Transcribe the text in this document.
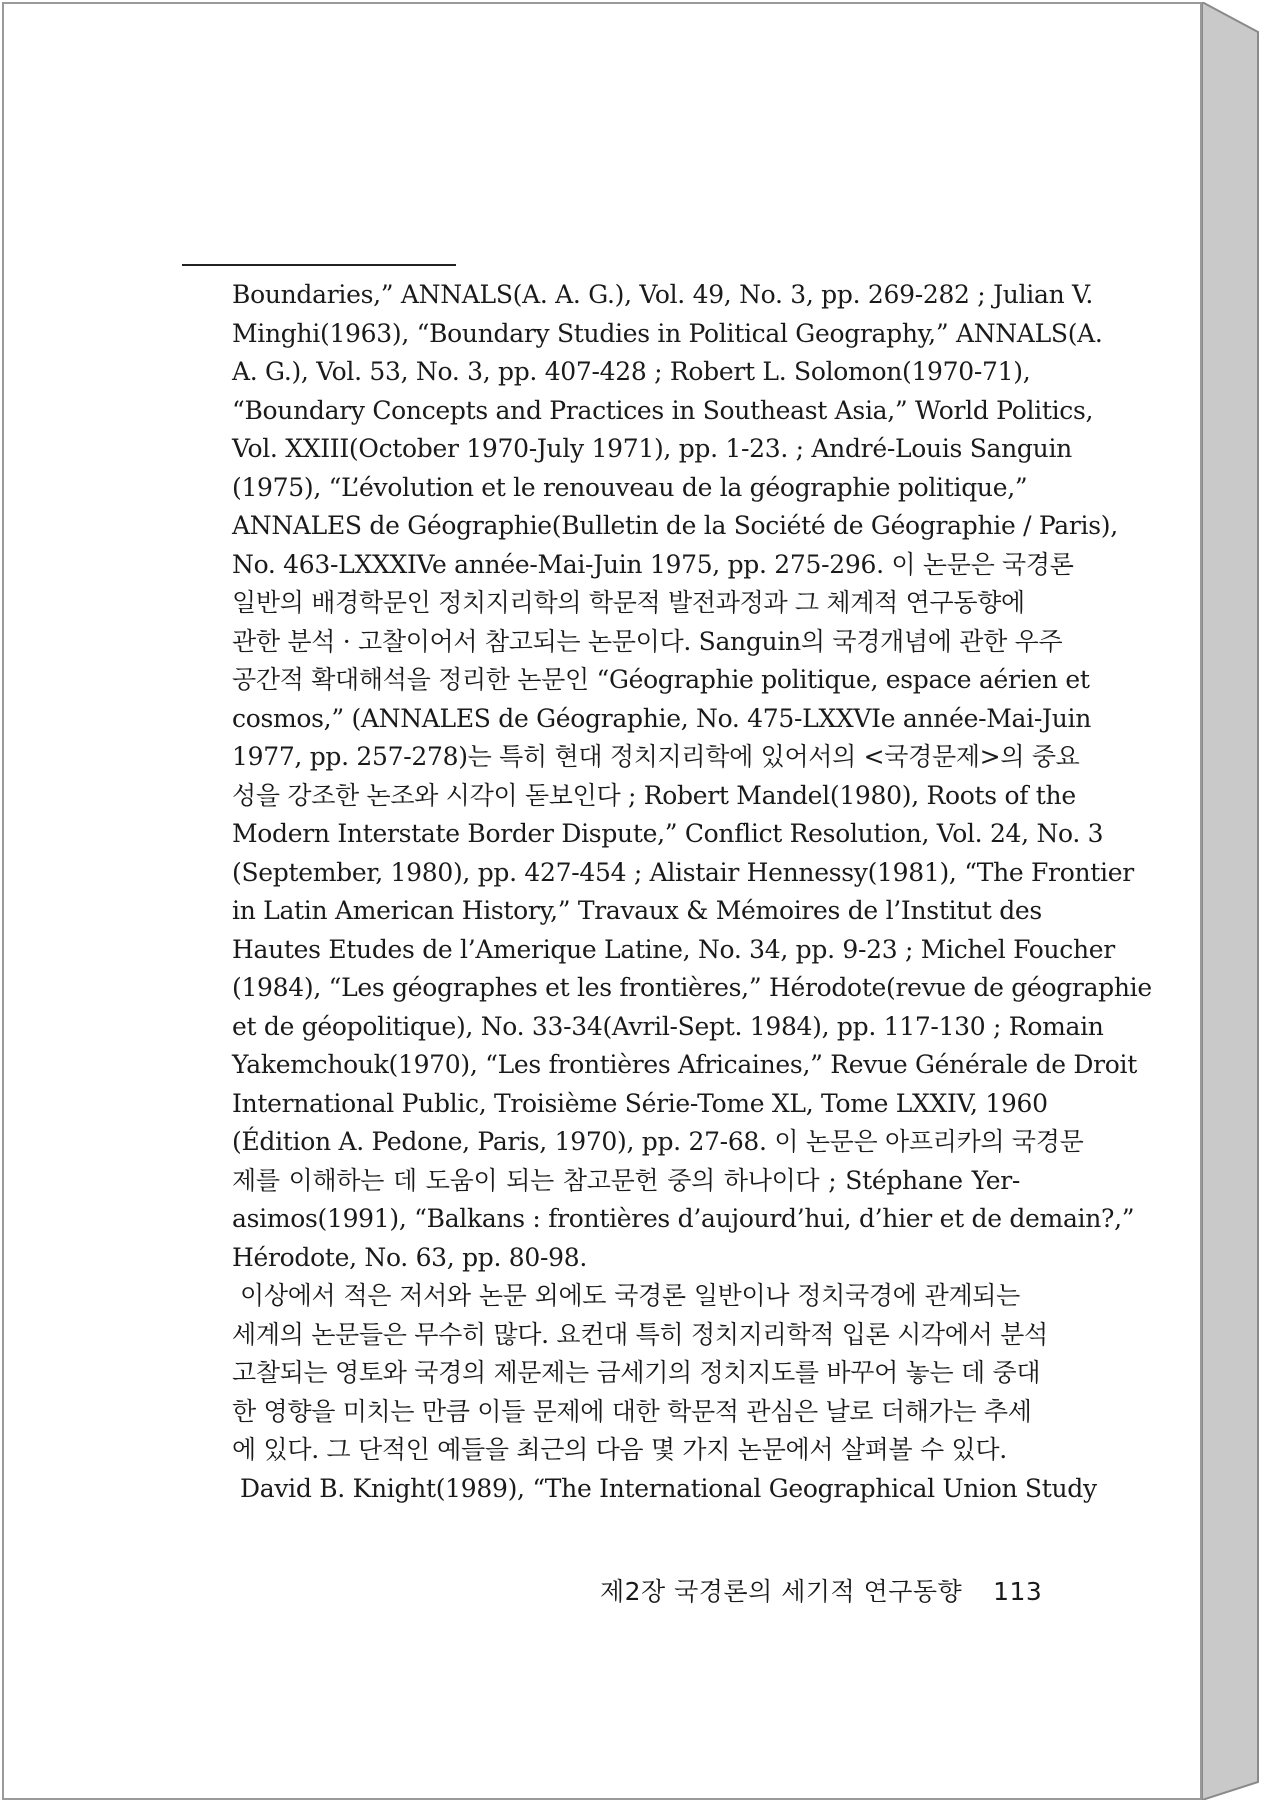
Boundaries,” ANNALS(A. A. G.), Vol. 49, No. 3, pp. 269-282 ; Julian V.
Minghi(1963), “Boundary Studies in Political Geography,” ANNALS(A.
A. G.), Vol. 53, No. 3, pp. 407-428 ; Robert L. Solomon(1970-71),
“Boundary Concepts and Practices in Southeast Asia,” World Politics,
Vol. XXIII(October 1970-July 1971), pp. 1-23. ; André-Louis Sanguin
(1975), “L’évolution et le renouveau de la géographie politique,”
ANNALES de Géographie(Bulletin de la Société de Géographie / Paris),
No. 463-LXXXIVe année-Mai-Juin 1975, pp. 275-296. 이 논문은 국경론
일반의 배경학문인 정치지리학의 학문적 발전과정과 그 체계적 연구동향에
관한 분석 · 고찰이어서 참고되는 논문이다. Sanguin의 국경개념에 관한 우주
공간적 확대해석을 정리한 논문인 “Géographie politique, espace aérien et
cosmos,” (ANNALES de Géographie, No. 475-LXXVIe année-Mai-Juin
1977, pp. 257-278)는 특히 현대 정치지리학에 있어서의 <국경문제>의 중요
성을 강조한 논조와 시각이 돋보인다 ; Robert Mandel(1980), Roots of the
Modern Interstate Border Dispute,” Conflict Resolution, Vol. 24, No. 3
(September, 1980), pp. 427-454 ; Alistair Hennessy(1981), “The Frontier
in Latin American History,” Travaux & Mémoires de l’Institut des
Hautes Etudes de l’Amerique Latine, No. 34, pp. 9-23 ; Michel Foucher
(1984), “Les géographes et les frontières,” Hérodote(revue de géographie
et de géopolitique), No. 33-34(Avril-Sept. 1984), pp. 117-130 ; Romain
Yakemchouk(1970), “Les frontières Africaines,” Revue Générale de Droit
International Public, Troisième Série-Tome XL, Tome LXXIV, 1960
(Édition A. Pedone, Paris, 1970), pp. 27-68. 이 논문은 아프리카의 국경문
제를 이해하는 데 도움이 되는 참고문헌 중의 하나이다 ; Stéphane Yer-
asimos(1991), “Balkans : frontières d’aujourd’hui, d’hier et de demain?,”
Hérodote, No. 63, pp. 80-98.
이상에서 적은 저서와 논문 외에도 국경론 일반이나 정치국경에 관계되는
세계의 논문들은 무수히 많다. 요컨대 특히 정치지리학적 입론 시각에서 분석
고찰되는 영토와 국경의 제문제는 금세기의 정치지도를 바꾸어 놓는 데 중대
한 영향을 미치는 만큼 이들 문제에 대한 학문적 관심은 날로 더해가는 추세
에 있다. 그 단적인 예들을 최근의 다음 몇 가지 논문에서 살펴볼 수 있다.
David B. Knight(1989), “The International Geographical Union Study
제2장 국경론의 세기적 연구동향 113
